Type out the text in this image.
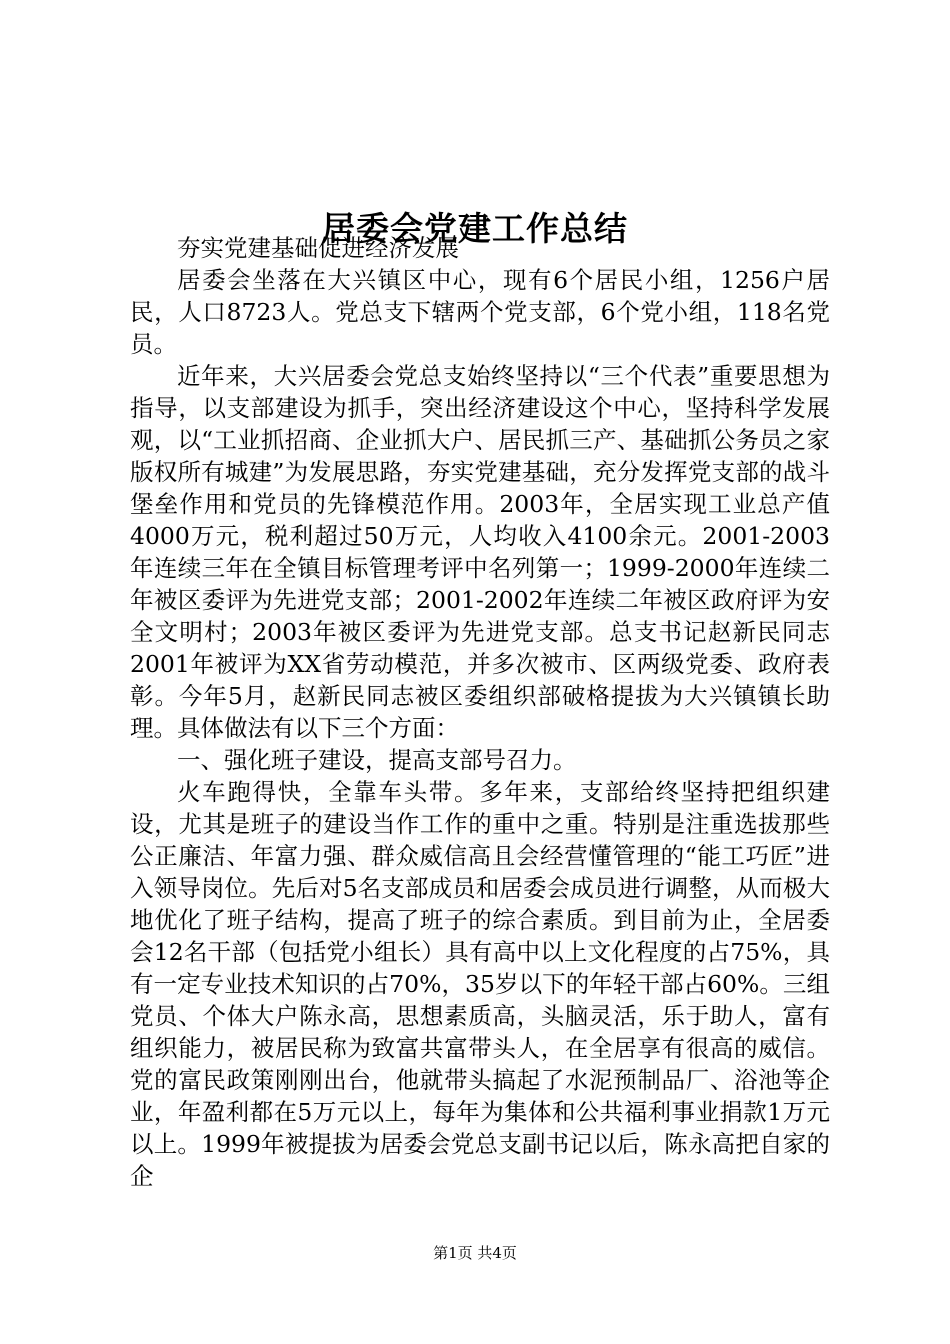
居委会党建工作总结

夯实党建基础促进经济发展

居委会坐落在大兴镇区中心，现有6个居民小组，1256户居民，人口8723人。党总支下辖两个党支部，6个党小组，118名党员。

近年来，大兴居委会党总支始终坚持以“三个代表”重要思想为指导，以支部建设为抓手，突出经济建设这个中心，坚持科学发展观，以“工业抓招商、企业抓大户、居民抓三产、基础抓公务员之家版权所有城建”为发展思路，夯实党建基础，充分发挥党支部的战斗堡垒作用和党员的先锋模范作用。2003年，全居实现工业总产值4000万元，税利超过50万元，人均收入4100余元。2001-2003年连续三年在全镇目标管理考评中名列第一；1999-2000年连续二年被区委评为先进党支部；2001-2002年连续二年被区政府评为安全文明村；2003年被区委评为先进党支部。总支书记赵新民同志2001年被评为XX省劳动模范，并多次被市、区两级党委、政府表彰。今年5月，赵新民同志被区委组织部破格提拔为大兴镇镇长助理。具体做法有以下三个方面：

一、强化班子建设，提高支部号召力。

火车跑得快，全靠车头带。多年来，支部给终坚持把组织建设，尤其是班子的建设当作工作的重中之重。特别是注重选拔那些公正廉洁、年富力强、群众威信高且会经营懂管理的“能工巧匠”进入领导岗位。先后对5名支部成员和居委会成员进行调整，从而极大地优化了班子结构，提高了班子的综合素质。到目前为止，全居委会12名干部（包括党小组长）具有高中以上文化程度的占75%，具有一定专业技术知识的占70%，35岁以下的年轻干部占60%。三组党员、个体大户陈永高，思想素质高，头脑灵活，乐于助人，富有组织能力，被居民称为致富共富带头人，在全居享有很高的威信。党的富民政策刚刚出台，他就带头搞起了水泥预制品厂、浴池等企业，年盈利都在5万元以上，每年为集体和公共福利事业捐款1万元以上。1999年被提拔为居委会党总支副书记以后，陈永高把自家的企

第1页 共4页
